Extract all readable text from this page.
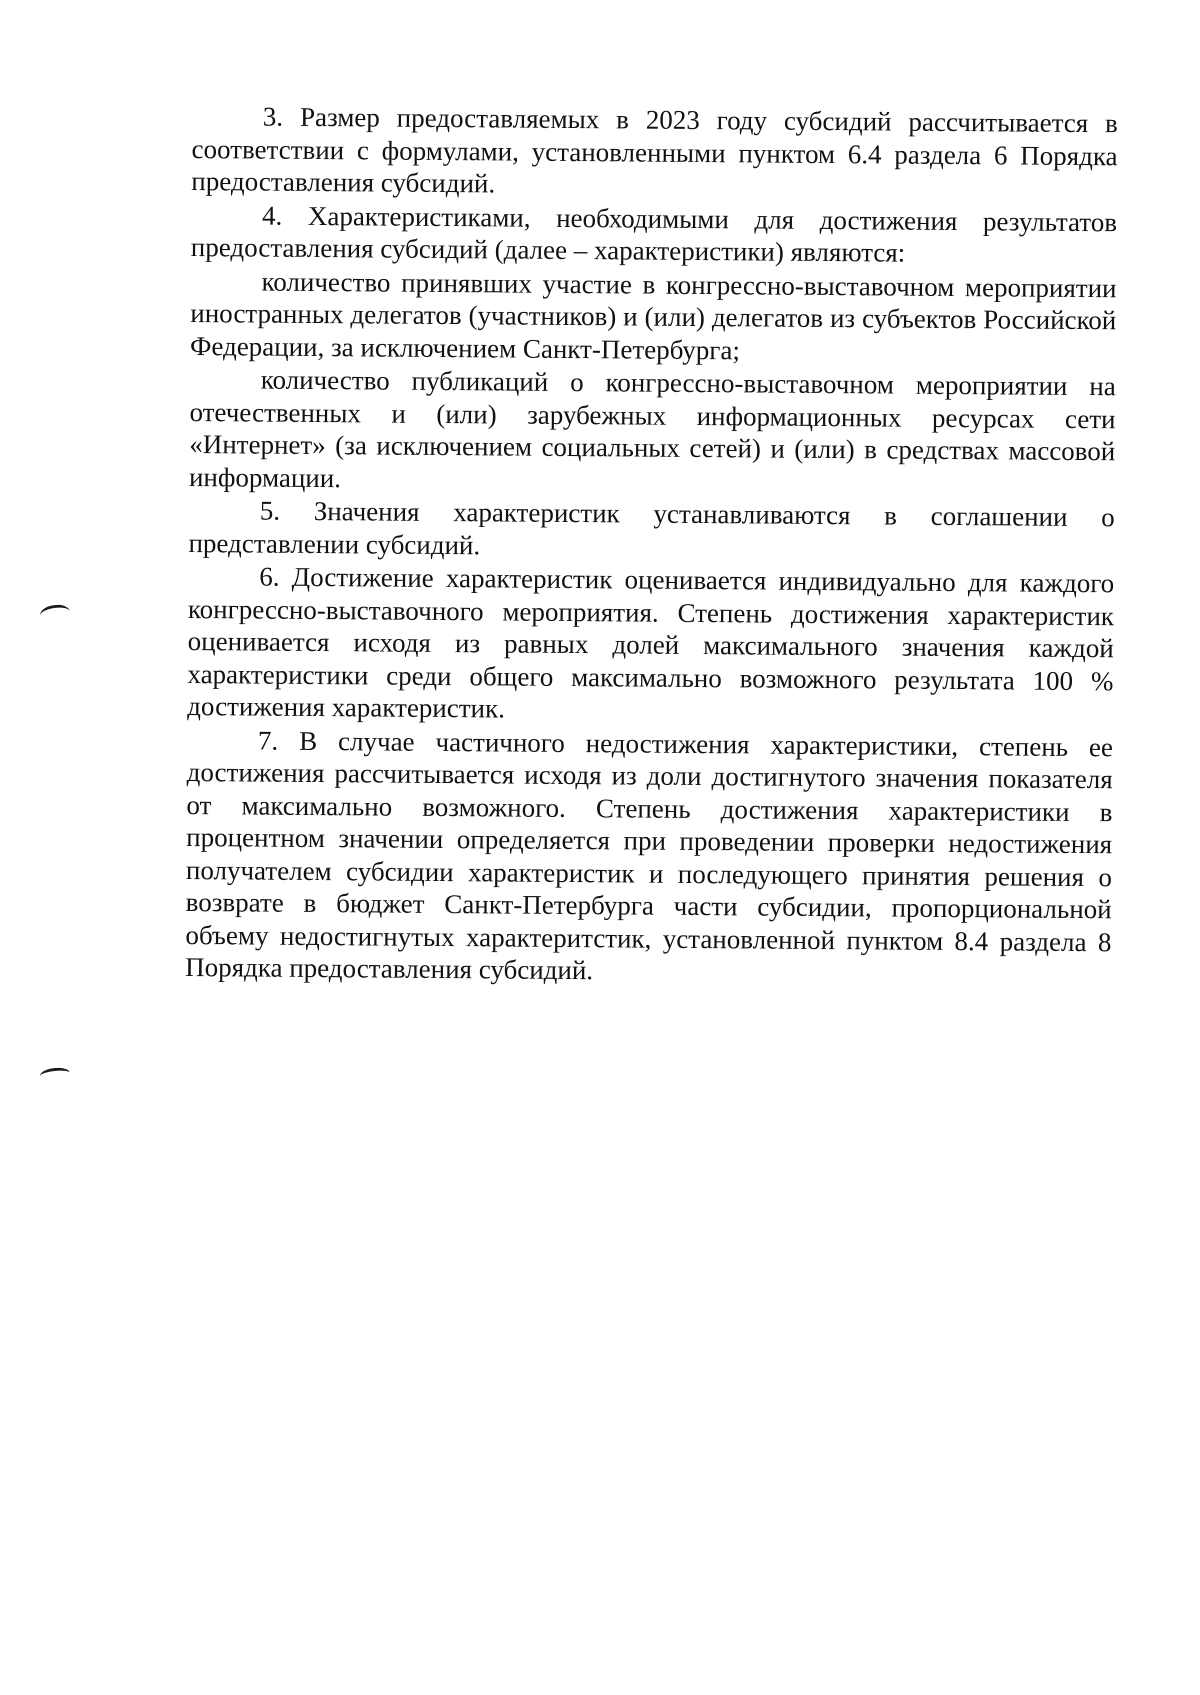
3. Размер предоставляемых в 2023 году субсидий рассчитывается в соответствии с формулами, установленными пунктом 6.4 раздела 6 Порядка предоставления субсидий.

4. Характеристиками, необходимыми для достижения результатов предоставления субсидий (далее – характеристики) являются:

количество принявших участие в конгрессно-выставочном мероприятии иностранных делегатов (участников) и (или) делегатов из субъектов Российской Федерации, за исключением Санкт-Петербурга;

количество публикаций о конгрессно-выставочном мероприятии на отечественных и (или) зарубежных информационных ресурсах сети «Интернет» (за исключением социальных сетей) и (или) в средствах массовой информации.

5. Значения характеристик устанавливаются в соглашении о представлении субсидий.

6. Достижение характеристик оценивается индивидуально для каждого конгрессно-выставочного мероприятия. Степень достижения характеристик оценивается исходя из равных долей максимального значения каждой характеристики среди общего максимально возможного результата 100 % достижения характеристик.

7. В случае частичного недостижения характеристики, степень ее достижения рассчитывается исходя из доли достигнутого значения показателя от максимально возможного. Степень достижения характеристики в процентном значении определяется при проведении проверки недостижения получателем субсидии характеристик и последующего принятия решения о возврате в бюджет Санкт-Петербурга части субсидии, пропорциональной объему недостигнутых характеритстик, установленной пунктом 8.4 раздела 8 Порядка предоставления субсидий.
